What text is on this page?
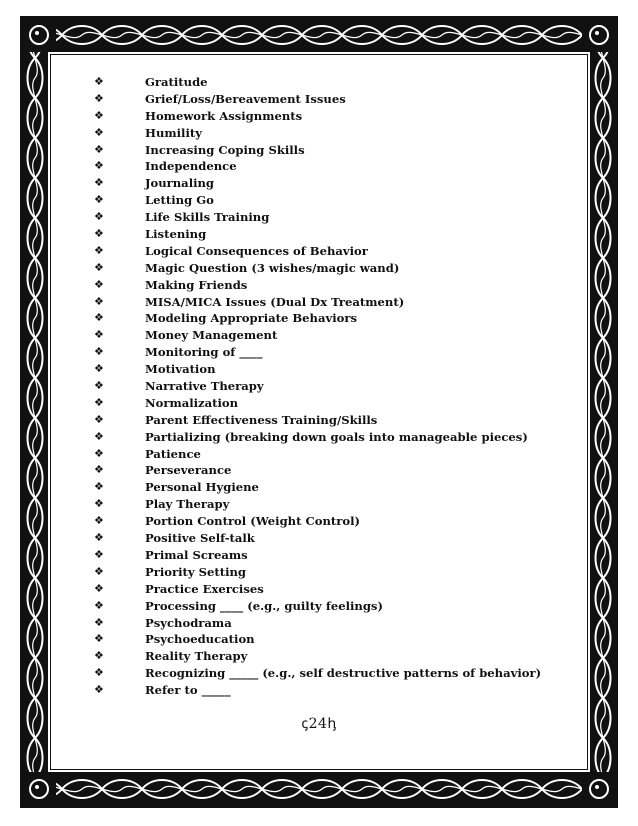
❖	Gratitude
❖	Grief/Loss/Bereavement Issues
❖	Homework Assignments
❖	Humility
❖	Increasing Coping Skills
❖	Independence
❖	Journaling
❖	Letting Go
❖	Life Skills Training
❖	Listening
❖	Logical Consequences of Behavior
❖	Magic Question (3 wishes/magic wand)
❖	Making Friends
❖	MISA/MICA Issues (Dual Dx Treatment)
❖	Modeling Appropriate Behaviors
❖	Money Management
❖	Monitoring of ____
❖	Motivation
❖	Narrative Therapy
❖	Normalization
❖	Parent Effectiveness Training/Skills
❖	Partializing (breaking down goals into manageable pieces)
❖	Patience
❖	Perseverance
❖	Personal Hygiene
❖	Play Therapy
❖	Portion Control (Weight Control)
❖	Positive Self-talk
❖	Primal Screams
❖	Priority Setting
❖	Practice Exercises
❖	Processing ____ (e.g., guilty feelings)
❖	Psychodrama
❖	Psychoeducation
❖	Reality Therapy
❖	Recognizing _____ (e.g., self destructive patterns of behavior)
❖	Refer to _____
ꞔ24ꞕ
